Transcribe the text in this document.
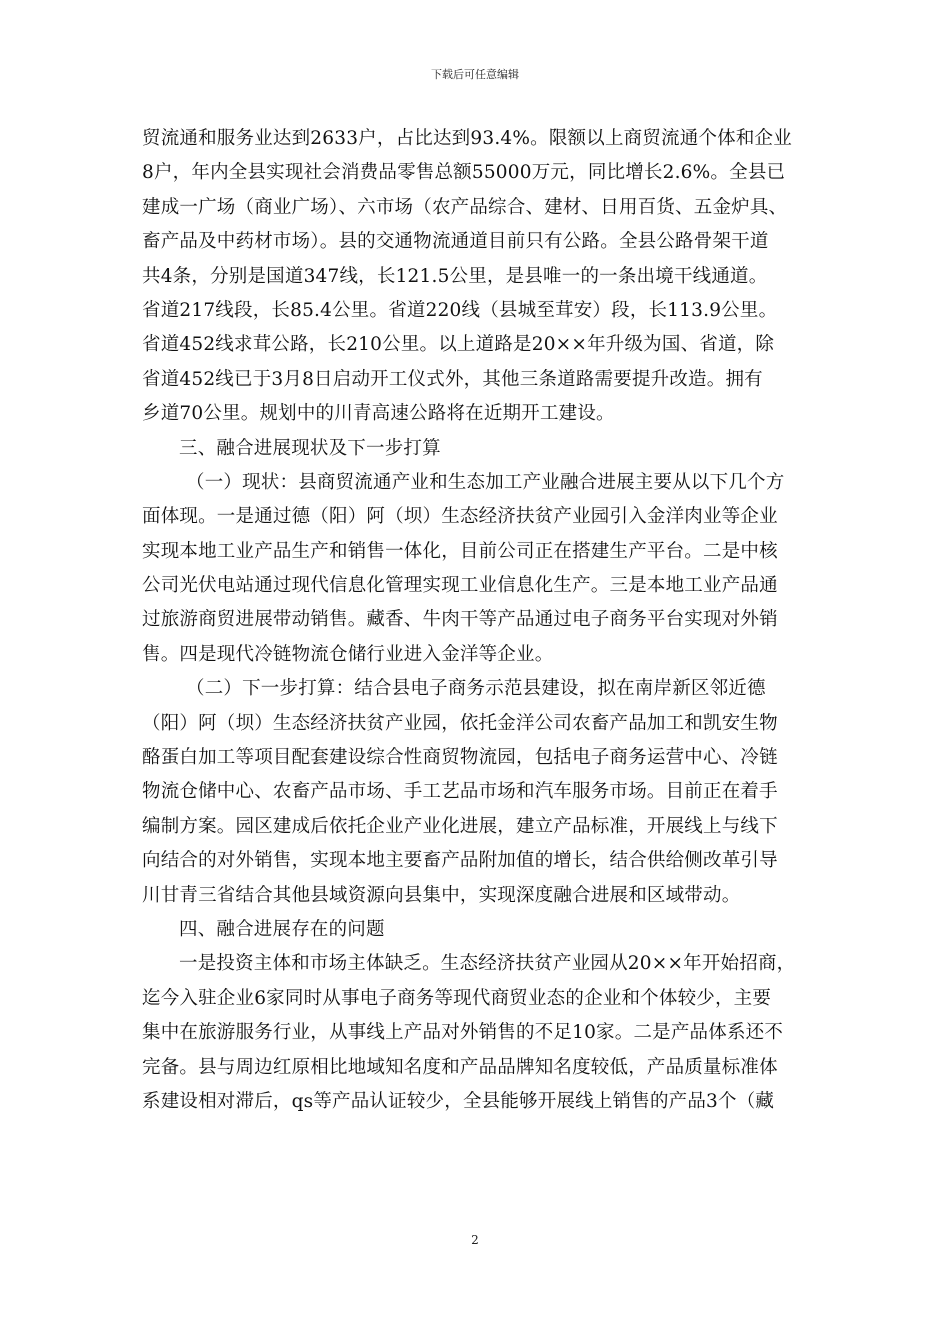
下载后可任意编辑
贸流通和服务业达到2633户，占比达到93.4%。限额以上商贸流通个体和企业
8户，年内全县实现社会消费品零售总额55000万元，同比增长2.6%。全县已
建成一广场（商业广场）、六市场（农产品综合、建材、日用百货、五金炉具、
畜产品及中药材市场）。县的交通物流通道目前只有公路。全县公路骨架干道
共4条，分别是国道347线，长121.5公里，是县唯一的一条出境干线通道。
省道217线段，长85.4公里。省道220线（县城至茸安）段，长113.9公里。
省道452线求茸公路，长210公里。以上道路是20××年升级为国、省道，除
省道452线已于3月8日启动开工仪式外，其他三条道路需要提升改造。拥有
乡道70公里。规划中的川青高速公路将在近期开工建设。
三、融合进展现状及下一步打算
（一）现状：县商贸流通产业和生态加工产业融合进展主要从以下几个方
面体现。一是通过德（阳）阿（坝）生态经济扶贫产业园引入金洋肉业等企业
实现本地工业产品生产和销售一体化，目前公司正在搭建生产平台。二是中核
公司光伏电站通过现代信息化管理实现工业信息化生产。三是本地工业产品通
过旅游商贸进展带动销售。藏香、牛肉干等产品通过电子商务平台实现对外销
售。四是现代冷链物流仓储行业进入金洋等企业。
（二）下一步打算：结合县电子商务示范县建设，拟在南岸新区邻近德
（阳）阿（坝）生态经济扶贫产业园，依托金洋公司农畜产品加工和凯安生物
酪蛋白加工等项目配套建设综合性商贸物流园，包括电子商务运营中心、冷链
物流仓储中心、农畜产品市场、手工艺品市场和汽车服务市场。目前正在着手
编制方案。园区建成后依托企业产业化进展，建立产品标准，开展线上与线下
向结合的对外销售，实现本地主要畜产品附加值的增长，结合供给侧改革引导
川甘青三省结合其他县域资源向县集中，实现深度融合进展和区域带动。
四、融合进展存在的问题
一是投资主体和市场主体缺乏。生态经济扶贫产业园从20××年开始招商，
迄今入驻企业6家同时从事电子商务等现代商贸业态的企业和个体较少，主要
集中在旅游服务行业，从事线上产品对外销售的不足10家。二是产品体系还不
完备。县与周边红原相比地域知名度和产品品牌知名度较低，产品质量标准体
系建设相对滞后，qs等产品认证较少，全县能够开展线上销售的产品3个（藏
2
